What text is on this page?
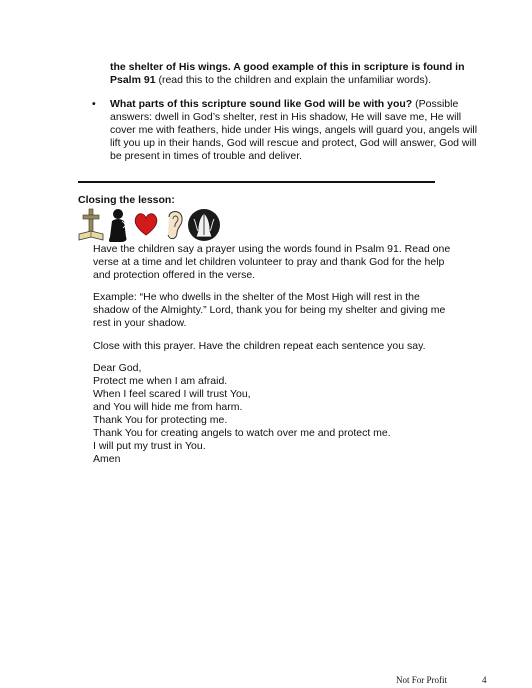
the shelter of His wings. A good example of this in scripture is found in Psalm 91 (read this to the children and explain the unfamiliar words).
• What parts of this scripture sound like God will be with you? (Possible answers: dwell in God’s shelter, rest in His shadow, He will save me, He will cover me with feathers, hide under His wings, angels will guard you, angels will lift you up in their hands, God will rescue and protect, God will answer, God will be present in times of trouble and deliver.
Closing the lesson:
Have the children say a prayer using the words found in Psalm 91. Read one verse at a time and let children volunteer to pray and thank God for the help and protection offered in the verse.
Example: “He who dwells in the shelter of the Most High will rest in the shadow of the Almighty.” Lord, thank you for being my shelter and giving me rest in your shadow.
Close with this prayer. Have the children repeat each sentence you say.
Dear God,
Protect me when I am afraid.
When I feel scared I will trust You,
and You will hide me from harm.
Thank You for protecting me.
Thank You for creating angels to watch over me and protect me.
I will put my trust in You.
Amen
Not For Profit	4
